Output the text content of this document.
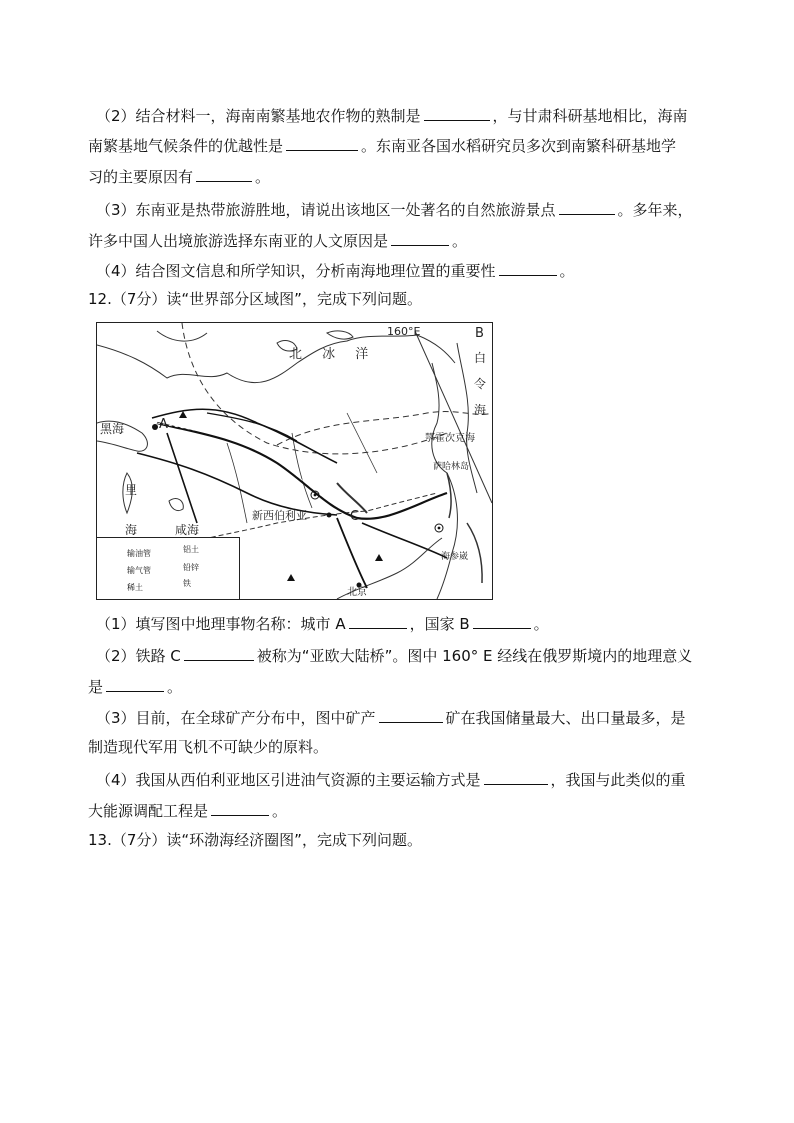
（2）结合材料一，海南南繁基地农作物的熟制是	，与甘肃科研基地相比，海南
南繁基地气候条件的优越性是	。东南亚各国水稻研究员多次到南繁科研基地学
习的主要原因有	。
（3）东南亚是热带旅游胜地，请说出该地区一处著名的自然旅游景点	。多年来，
许多中国人出境旅游选择东南亚的人文原因是	。
（4）结合图文信息和所学知识，分析南海地理位置的重要性	。
12.（7分）读“世界部分区域图”，完成下列问题。
北 冰 洋
160°E	B
白
令
海
黑海	A
里
海	咸海
新西伯利亚	C
鄂霍次克海
萨哈林岛
海参崴
北京
输油管
输气管
稀土
铝土
铅锌
铁
（1）填写图中地理事物名称：城市 A	，国家 B	。
（2）铁路 C	被称为“亚欧大陆桥”。图中 160° E 经线在俄罗斯境内的地理意义
是	。
（3）目前，在全球矿产分布中，图中矿产	矿在我国储量最大、出口量最多，是
制造现代军用飞机不可缺少的原料。
（4）我国从西伯利亚地区引进油气资源的主要运输方式是	，我国与此类似的重
大能源调配工程是	。
13.（7分）读“环渤海经济圈图”，完成下列问题。
